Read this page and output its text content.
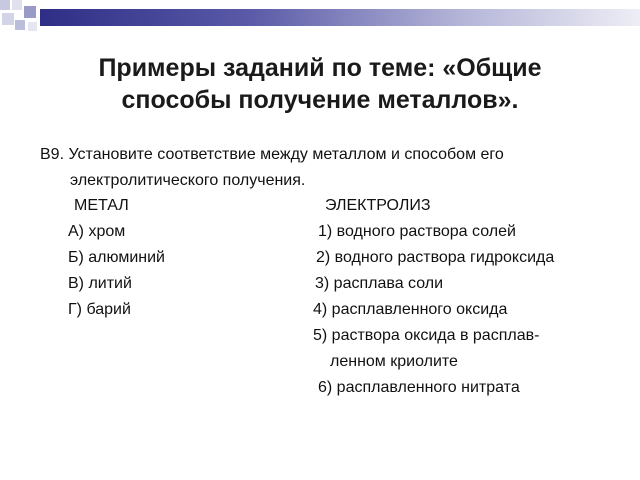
Примеры заданий по теме: «Общие
способы получение металлов».
B9. Установите соответствие между металлом и способом его
электролитического получения.
МЕТАЛ	ЭЛЕКТРОЛИЗ
А) хром
Б) алюминий
В) литий
Г) барий
1) водного раствора солей
2) водного раствора гидроксида
3) расплава соли
4) расплавленного оксида
5) раствора оксида в расплав-
ленном криолите
6) расплавленного нитрата
